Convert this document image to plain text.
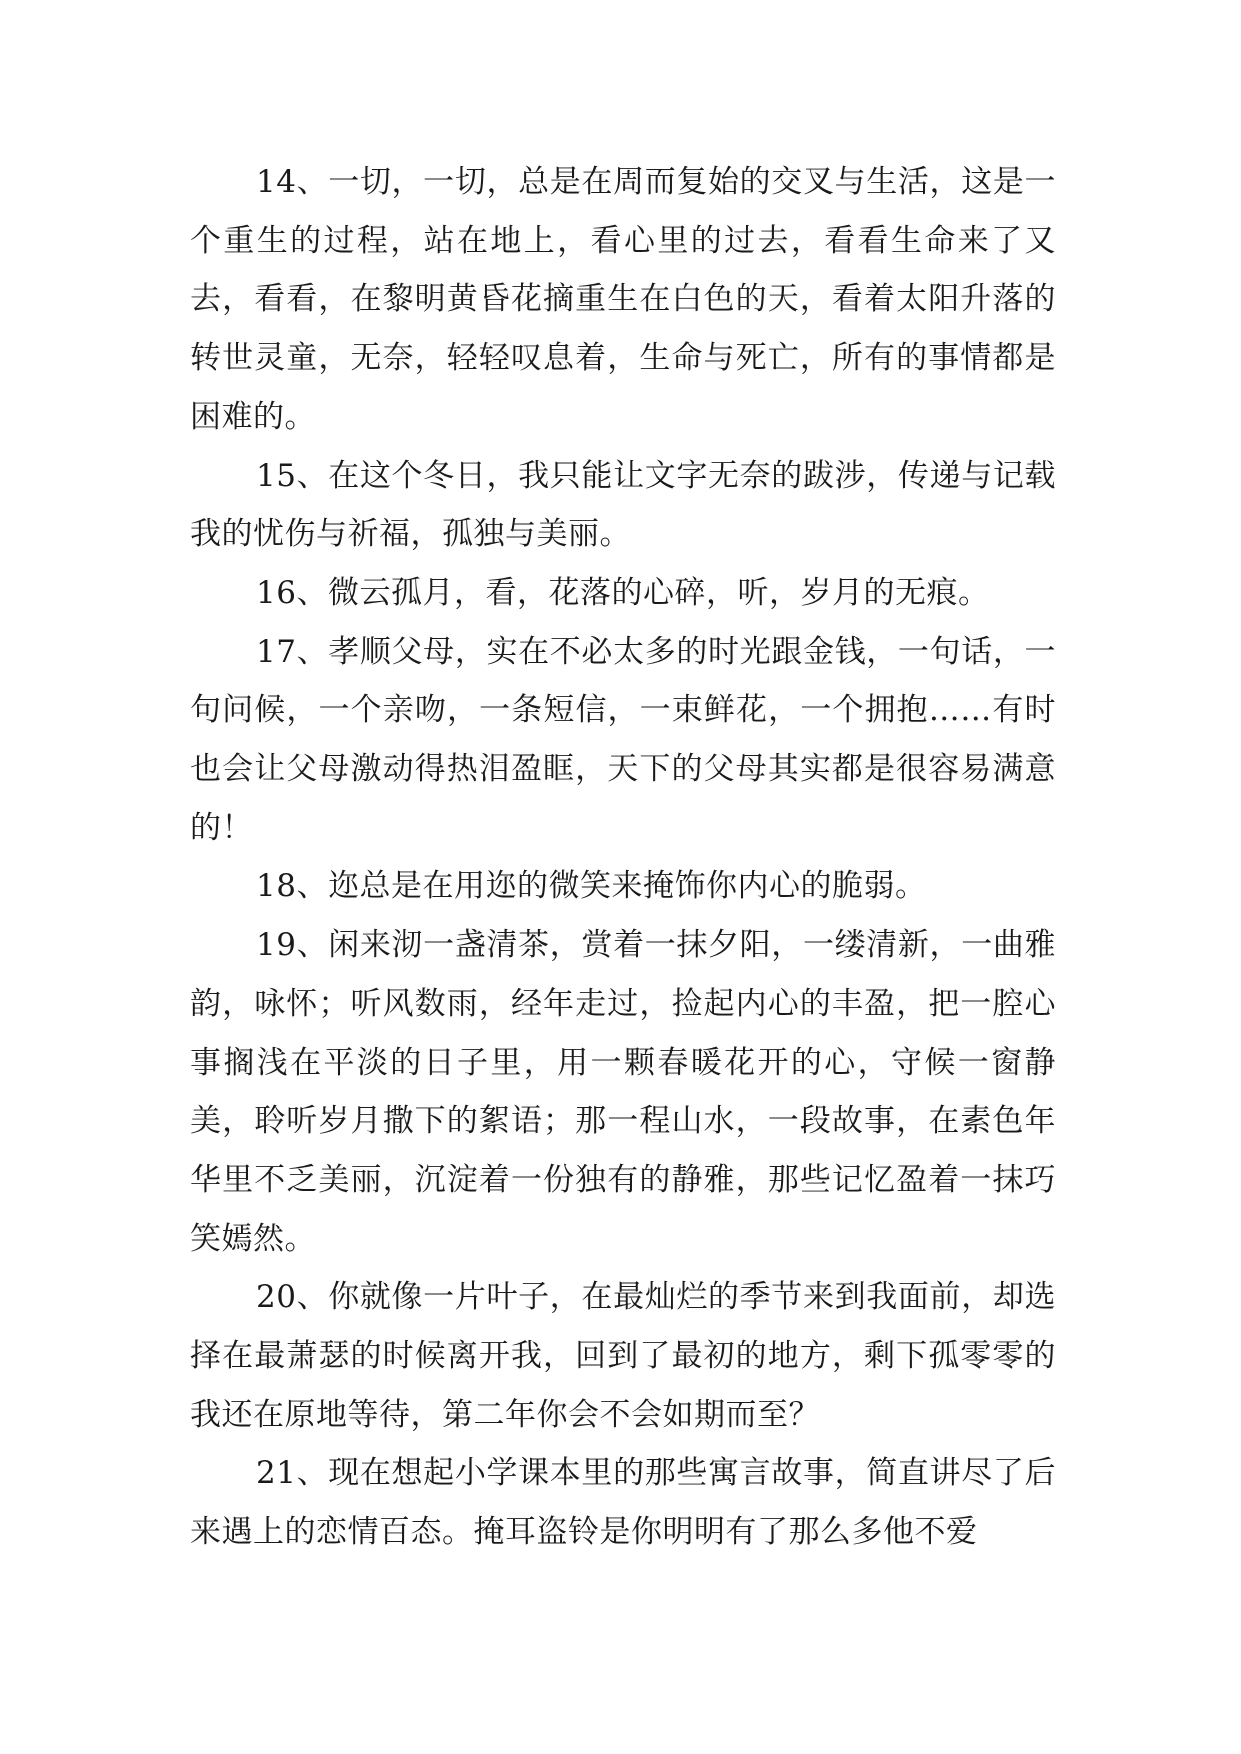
14、一切，一切，总是在周而复始的交叉与生活，这是一个重生的过程，站在地上，看心里的过去，看看生命来了又去，看看，在黎明黄昏花摘重生在白色的天，看着太阳升落的转世灵童，无奈，轻轻叹息着，生命与死亡，所有的事情都是困难的。

15、在这个冬日，我只能让文字无奈的跋涉，传递与记载我的忧伤与祈福，孤独与美丽。

16、微云孤月，看，花落的心碎，听，岁月的无痕。

17、孝顺父母，实在不必太多的时光跟金钱，一句话，一句问候，一个亲吻，一条短信，一束鲜花，一个拥抱……有时也会让父母激动得热泪盈眶，天下的父母其实都是很容易满意的！

18、迩总是在用迩的微笑来掩饰你内心的脆弱。

19、闲来沏一盏清茶，赏着一抹夕阳，一缕清新，一曲雅韵，咏怀；听风数雨，经年走过，捡起内心的丰盈，把一腔心事搁浅在平淡的日子里，用一颗春暖花开的心，守候一窗静美，聆听岁月撒下的絮语；那一程山水，一段故事，在素色年华里不乏美丽，沉淀着一份独有的静雅，那些记忆盈着一抹巧笑嫣然。

20、你就像一片叶子，在最灿烂的季节来到我面前，却选择在最萧瑟的时候离开我，回到了最初的地方，剩下孤零零的我还在原地等待，第二年你会不会如期而至？

21、现在想起小学课本里的那些寓言故事，简直讲尽了后来遇上的恋情百态。掩耳盗铃是你明明有了那么多他不爱
